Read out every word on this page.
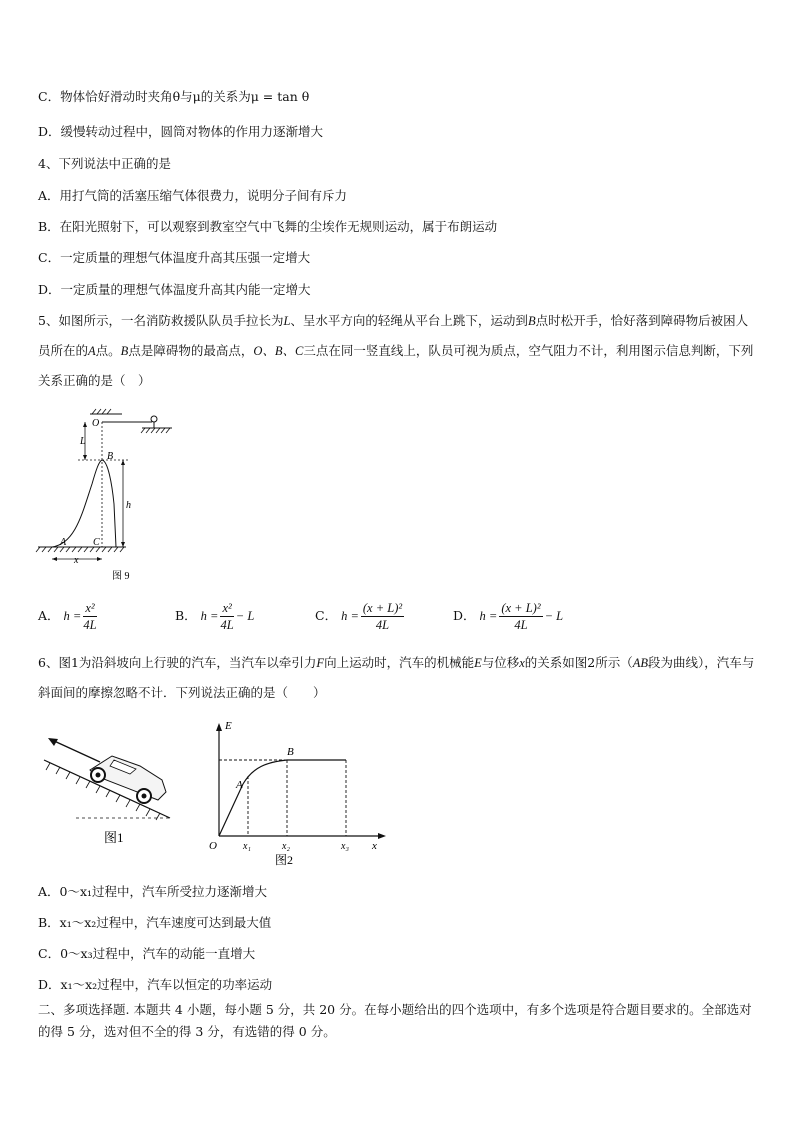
C．物体恰好滑动时夹角θ与μ的关系为μ = tan θ
D．缓慢转动过程中，圆筒对物体的作用力逐渐增大
4、下列说法中正确的是
A．用打气筒的活塞压缩气体很费力，说明分子间有斥力
B．在阳光照射下，可以观察到教室空气中飞舞的尘埃作无规则运动，属于布朗运动
C．一定质量的理想气体温度升高其压强一定增大
D．一定质量的理想气体温度升高其内能一定增大
5、如图所示，一名消防救援队队员手拉长为L、呈水平方向的轻绳从平台上跳下，运动到B点时松开手，恰好落到障碍物后被困人员所在的A点。B点是障碍物的最高点，O、B、C三点在同一竖直线上，队员可视为质点，空气阻力不计，利用图示信息判断，下列关系正确的是（　）
O
L
B
h
A	C
x
图 9
A． $h = \frac{\text{x²}}{4L}$	B． $h = \frac{\text{x²}}{4L} - L$	C． $h = \frac{\text{(x + L)²}}{4L}$	D． $h = \frac{\text{(x + L)²}}{4L} - L$
6、图1为沿斜坡向上行驶的汽车，当汽车以牵引力F向上运动时，汽车的机械能E与位移x的关系如图2所示（AB段为曲线），汽车与斜面间的摩擦忽略不计．下列说法正确的是（　　）
图1
E
O	x
B
A
x₁	x₂	x₃
图2
A．0～x₁过程中，汽车所受拉力逐渐增大
B．x₁～x₂过程中，汽车速度可达到最大值
C．0～x₃过程中，汽车的动能一直增大
D．x₁～x₂过程中，汽车以恒定的功率运动
二、多项选择题. 本题共 4 小题，每小题 5 分，共 20 分。在每小题给出的四个选项中，有多个选项是符合题目要求的。全部选对的得 5 分，选对但不全的得 3 分，有选错的得 0 分。
